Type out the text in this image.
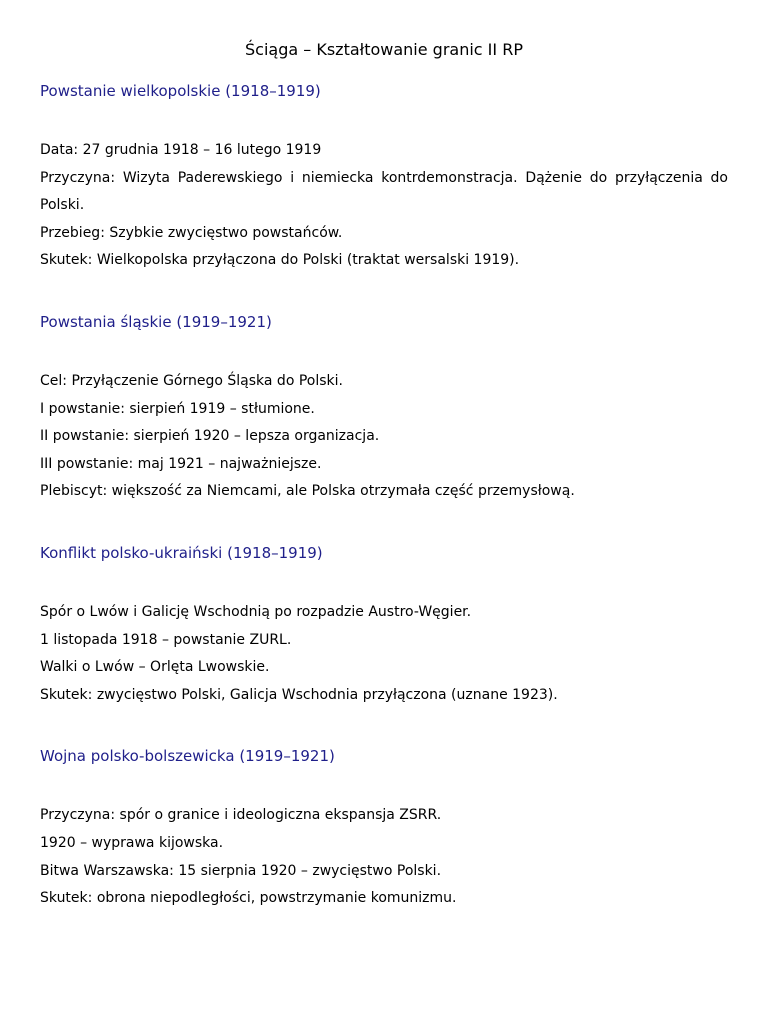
Ściąga – Kształtowanie granic II RP
Powstanie wielkopolskie (1918–1919)

Data: 27 grudnia 1918 – 16 lutego 1919

Przyczyna: Wizyta Paderewskiego i niemiecka kontrdemonstracja. Dążenie do przyłączenia do Polski.

Przebieg: Szybkie zwycięstwo powstańców.

Skutek: Wielkopolska przyłączona do Polski (traktat wersalski 1919).

Powstania śląskie (1919–1921)

Cel: Przyłączenie Górnego Śląska do Polski.

I powstanie: sierpień 1919 – stłumione.

II powstanie: sierpień 1920 – lepsza organizacja.

III powstanie: maj 1921 – najważniejsze.

Plebiscyt: większość za Niemcami, ale Polska otrzymała część przemysłową.

Konflikt polsko-ukraiński (1918–1919)

Spór o Lwów i Galicję Wschodnią po rozpadzie Austro-Węgier.

1 listopada 1918 – powstanie ZURL.

Walki o Lwów – Orlęta Lwowskie.

Skutek: zwycięstwo Polski, Galicja Wschodnia przyłączona (uznane 1923).

Wojna polsko-bolszewicka (1919–1921)

Przyczyna: spór o granice i ideologiczna ekspansja ZSRR.

1920 – wyprawa kijowska.

Bitwa Warszawska: 15 sierpnia 1920 – zwycięstwo Polski.

Skutek: obrona niepodległości, powstrzymanie komunizmu.
